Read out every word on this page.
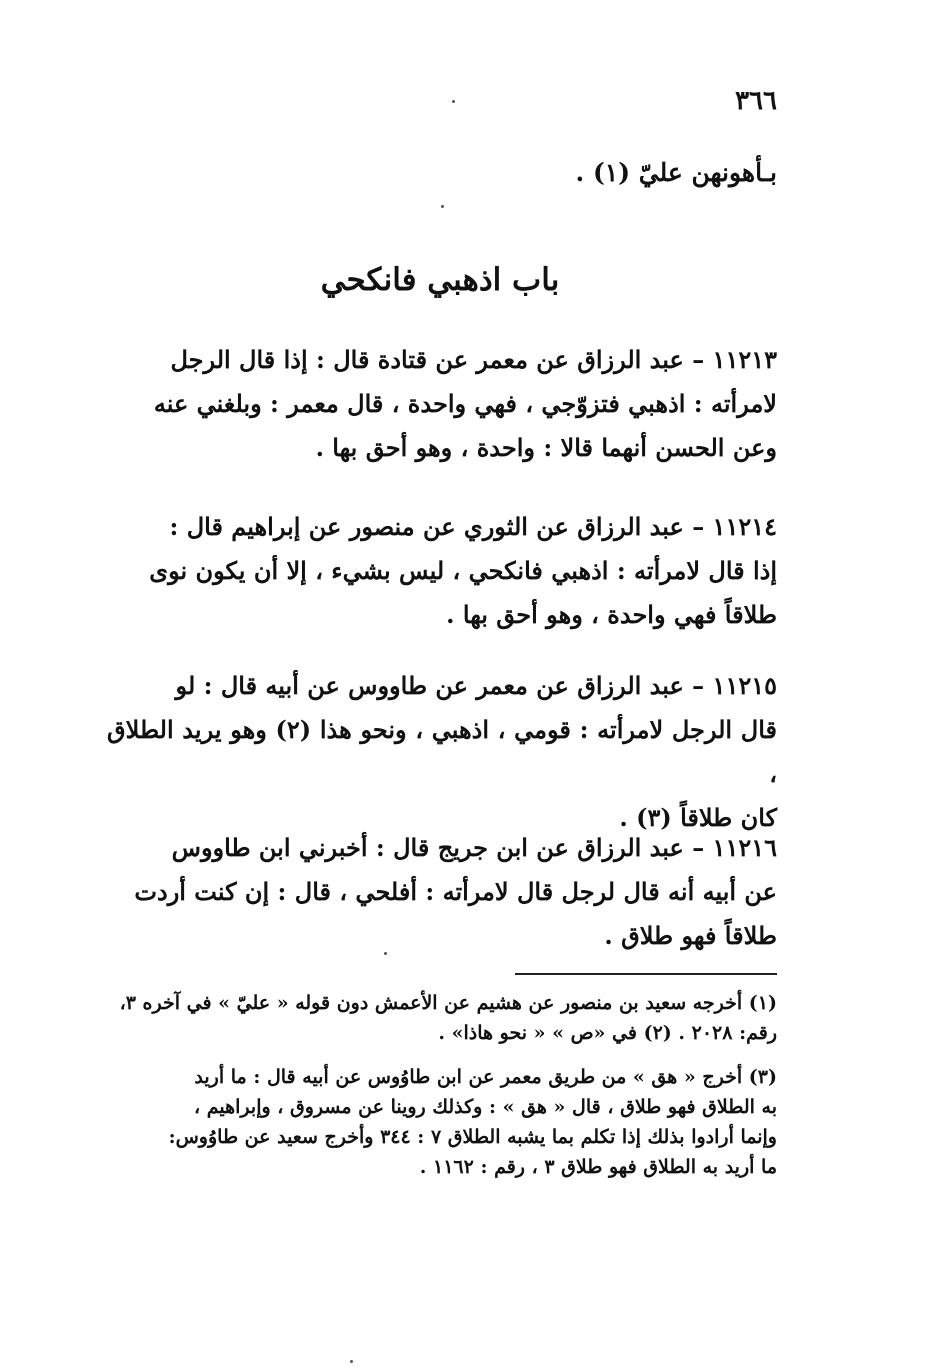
٣٦٦
بـأهونهن عليّ (١) .
باب اذهبي فانكحي

١١٢١٣ – عبد الرزاق عن معمر عن قتادة قال : إذا قال الرجل

لامرأته : اذهبي فتزوّجي ، فهي واحدة ، قال معمر : وبلغني عنه

وعن الحسن أنهما قالا : واحدة ، وهو أحق بها .

١١٢١٤ – عبد الرزاق عن الثوري عن منصور عن إبراهيم قال :

إذا قال لامرأته : اذهبي فانكحي ، ليس بشيء ، إلا أن يكون نوى

طلاقاً فهي واحدة ، وهو أحق بها .

١١٢١٥ – عبد الرزاق عن معمر عن طاووس عن أبيه قال : لو

قال الرجل لامرأته : قومي ، اذهبي ، ونحو هذا (٢) وهو يريد الطلاق ،

كان طلاقاً (٣) .

١١٢١٦ – عبد الرزاق عن ابن جريج قال : أخبرني ابن طاووس

عن أبيه أنه قال لرجل قال لامرأته : أفلحي ، قال : إن كنت أردت

طلاقاً فهو طلاق .

(١) أخرجه سعيد بن منصور عن هشيم عن الأعمش دون قوله « عليّ » في آخره ٣،

رقم: ٢٠٢٨ . (٢) في «ص » « نحو هاذا» .

(٣) أخرج « هق » من طريق معمر عن ابن طاوُوس عن أبيه قال : ما أريد

به الطلاق فهو طلاق ، قال « هق » : وكذلك روينا عن مسروق ، وإبراهيم ،

وإنما أرادوا بذلك إذا تكلم بما يشبه الطلاق ٧ : ٣٤٤ وأخرج سعيد عن طاوُوس:

ما أريد به الطلاق فهو طلاق ٣ ، رقم : ١١٦٢ .
